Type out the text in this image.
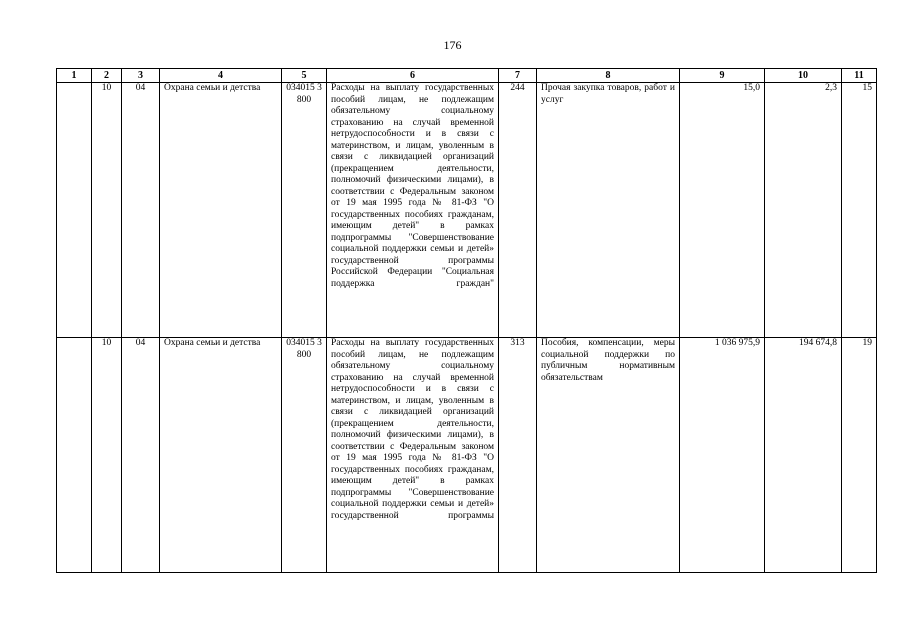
176
1	2	3	4	5	6	7	8	9	10	11
	10	04	Охрана семьи и детства	034015 3800	Расходы на выплату государственных пособий лицам, не подлежащим обязательному социальному страхованию на случай временной нетрудоспособности и в связи с материнством, и лицам, уволенным в связи с ликвидацией организаций (прекращением деятельности, полномочий физическими лицами), в соответствии с Федеральным законом от 19 мая 1995 года № 81-ФЗ "О государственных пособиях гражданам, имеющим детей" в рамках подпрограммы "Совершенствование социальной поддержки семьи и детей» государственной программы Российской Федерации "Социальная поддержка граждан"	244	Прочая закупка товаров, работ и услуг	15,0	2,3	15
	10	04	Охрана семьи и детства	034015 3800	Расходы на выплату государственных пособий лицам, не подлежащим обязательному социальному страхованию на случай временной нетрудоспособности и в связи с материнством, и лицам, уволенным в связи с ликвидацией организаций (прекращением деятельности, полномочий физическими лицами), в соответствии с Федеральным законом от 19 мая 1995 года № 81-ФЗ "О государственных пособиях гражданам, имеющим детей" в рамках подпрограммы "Совершенствование социальной поддержки семьи и детей» государственной программы	313	Пособия, компенсации, меры социальной поддержки по публичным нормативным обязательствам	1 036 975,9	194 674,8	19
